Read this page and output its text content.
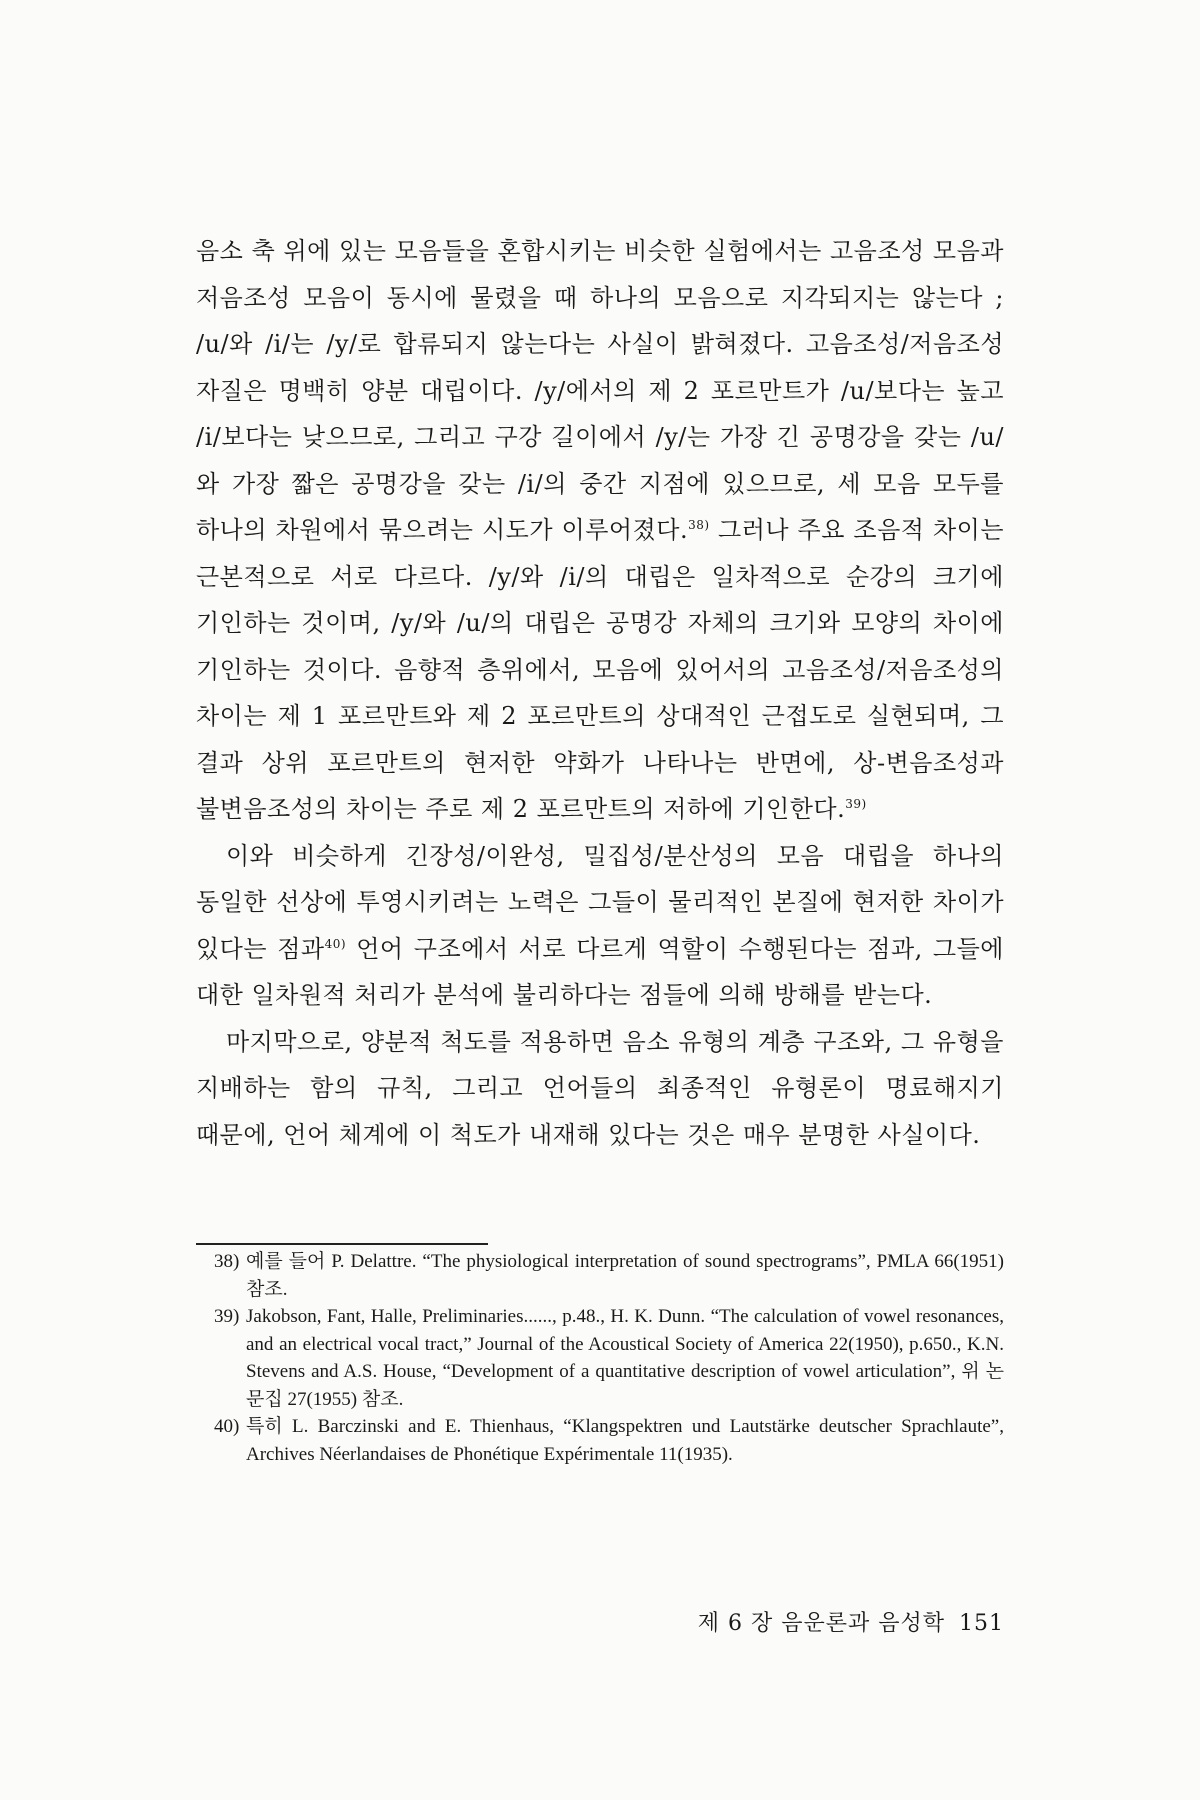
음소 축 위에 있는 모음들을 혼합시키는 비슷한 실험에서는 고음조성 모음과 저음조성 모음이 동시에 물렸을 때 하나의 모음으로 지각되지는 않는다 ; /u/와 /i/는 /y/로 합류되지 않는다는 사실이 밝혀졌다. 고음조성/저음조성 자질은 명백히 양분 대립이다. /y/에서의 제 2 포르만트가 /u/보다는 높고 /i/보다는 낮으므로, 그리고 구강 길이에서 /y/는 가장 긴 공명강을 갖는 /u/와 가장 짧은 공명강을 갖는 /i/의 중간 지점에 있으므로, 세 모음 모두를 하나의 차원에서 묶으려는 시도가 이루어졌다.$^{38)}$ 그러나 주요 조음적 차이는 근본적으로 서로 다르다. /y/와 /i/의 대립은 일차적으로 순강의 크기에 기인하는 것이며, /y/와 /u/의 대립은 공명강 자체의 크기와 모양의 차이에 기인하는 것이다. 음향적 층위에서, 모음에 있어서의 고음조성/저음조성의 차이는 제 1 포르만트와 제 2 포르만트의 상대적인 근접도로 실현되며, 그 결과 상위 포르만트의 현저한 약화가 나타나는 반면에, 상-변음조성과 불변음조성의 차이는 주로 제 2 포르만트의 저하에 기인한다.$^{39)}$

이와 비슷하게 긴장성/이완성, 밀집성/분산성의 모음 대립을 하나의 동일한 선상에 투영시키려는 노력은 그들이 물리적인 본질에 현저한 차이가 있다는 점과$^{40)}$ 언어 구조에서 서로 다르게 역할이 수행된다는 점과, 그들에 대한 일차원적 처리가 분석에 불리하다는 점들에 의해 방해를 받는다.

마지막으로, 양분적 척도를 적용하면 음소 유형의 계층 구조와, 그 유형을 지배하는 함의 규칙, 그리고 언어들의 최종적인 유형론이 명료해지기 때문에, 언어 체계에 이 척도가 내재해 있다는 것은 매우 분명한 사실이다.

38) 예를 들어 P. Delattre. “The physiological interpretation of sound spectrograms”, PMLA 66(1951) 참조.
39) Jakobson, Fant, Halle, Preliminaries......, p.48., H. K. Dunn. “The calculation of vowel resonances, and an electrical vocal tract,” Journal of the Acoustical Society of America 22(1950), p.650., K.N. Stevens and A.S. House, “Development of a quantitative description of vowel articulation”, 위 논문집 27(1955) 참조.
40) 특히 L. Barczinski and E. Thienhaus, “Klangspektren und Lautstärke deutscher Sprachlaute”, Archives Néerlandaises de Phonétique Expérimentale 11(1935).
제 6 장 음운론과 음성학 151
